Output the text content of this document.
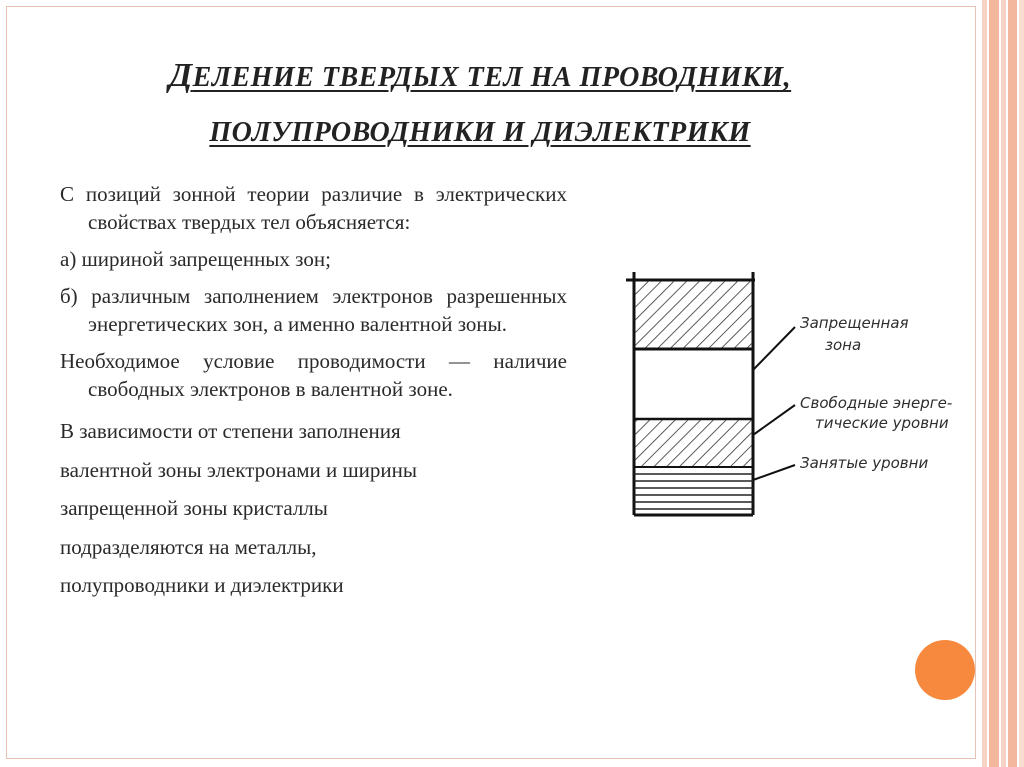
ДЕЛЕНИЕ ТВЕРДЫХ ТЕЛ НА ПРОВОДНИКИ,
ПОЛУПРОВОДНИКИ И ДИЭЛЕКТРИКИ

С позиций зонной теории различие в электрических свойствах твердых тел объясняется:

а) шириной запрещенных зон;

б) различным заполнением электронов разрешенных энергетических зон, а именно валентной зоны.

Необходимое условие проводимости — наличие свободных электронов в валентной зоне.

В зависимости от степени заполнения

валентной зоны электронами и ширины

запрещенной зоны кристаллы

подразделяются на металлы,

полупроводники и диэлектрики

Запрещенная
зона
Свободные энерге-
тические уровни
Занятые уровни
